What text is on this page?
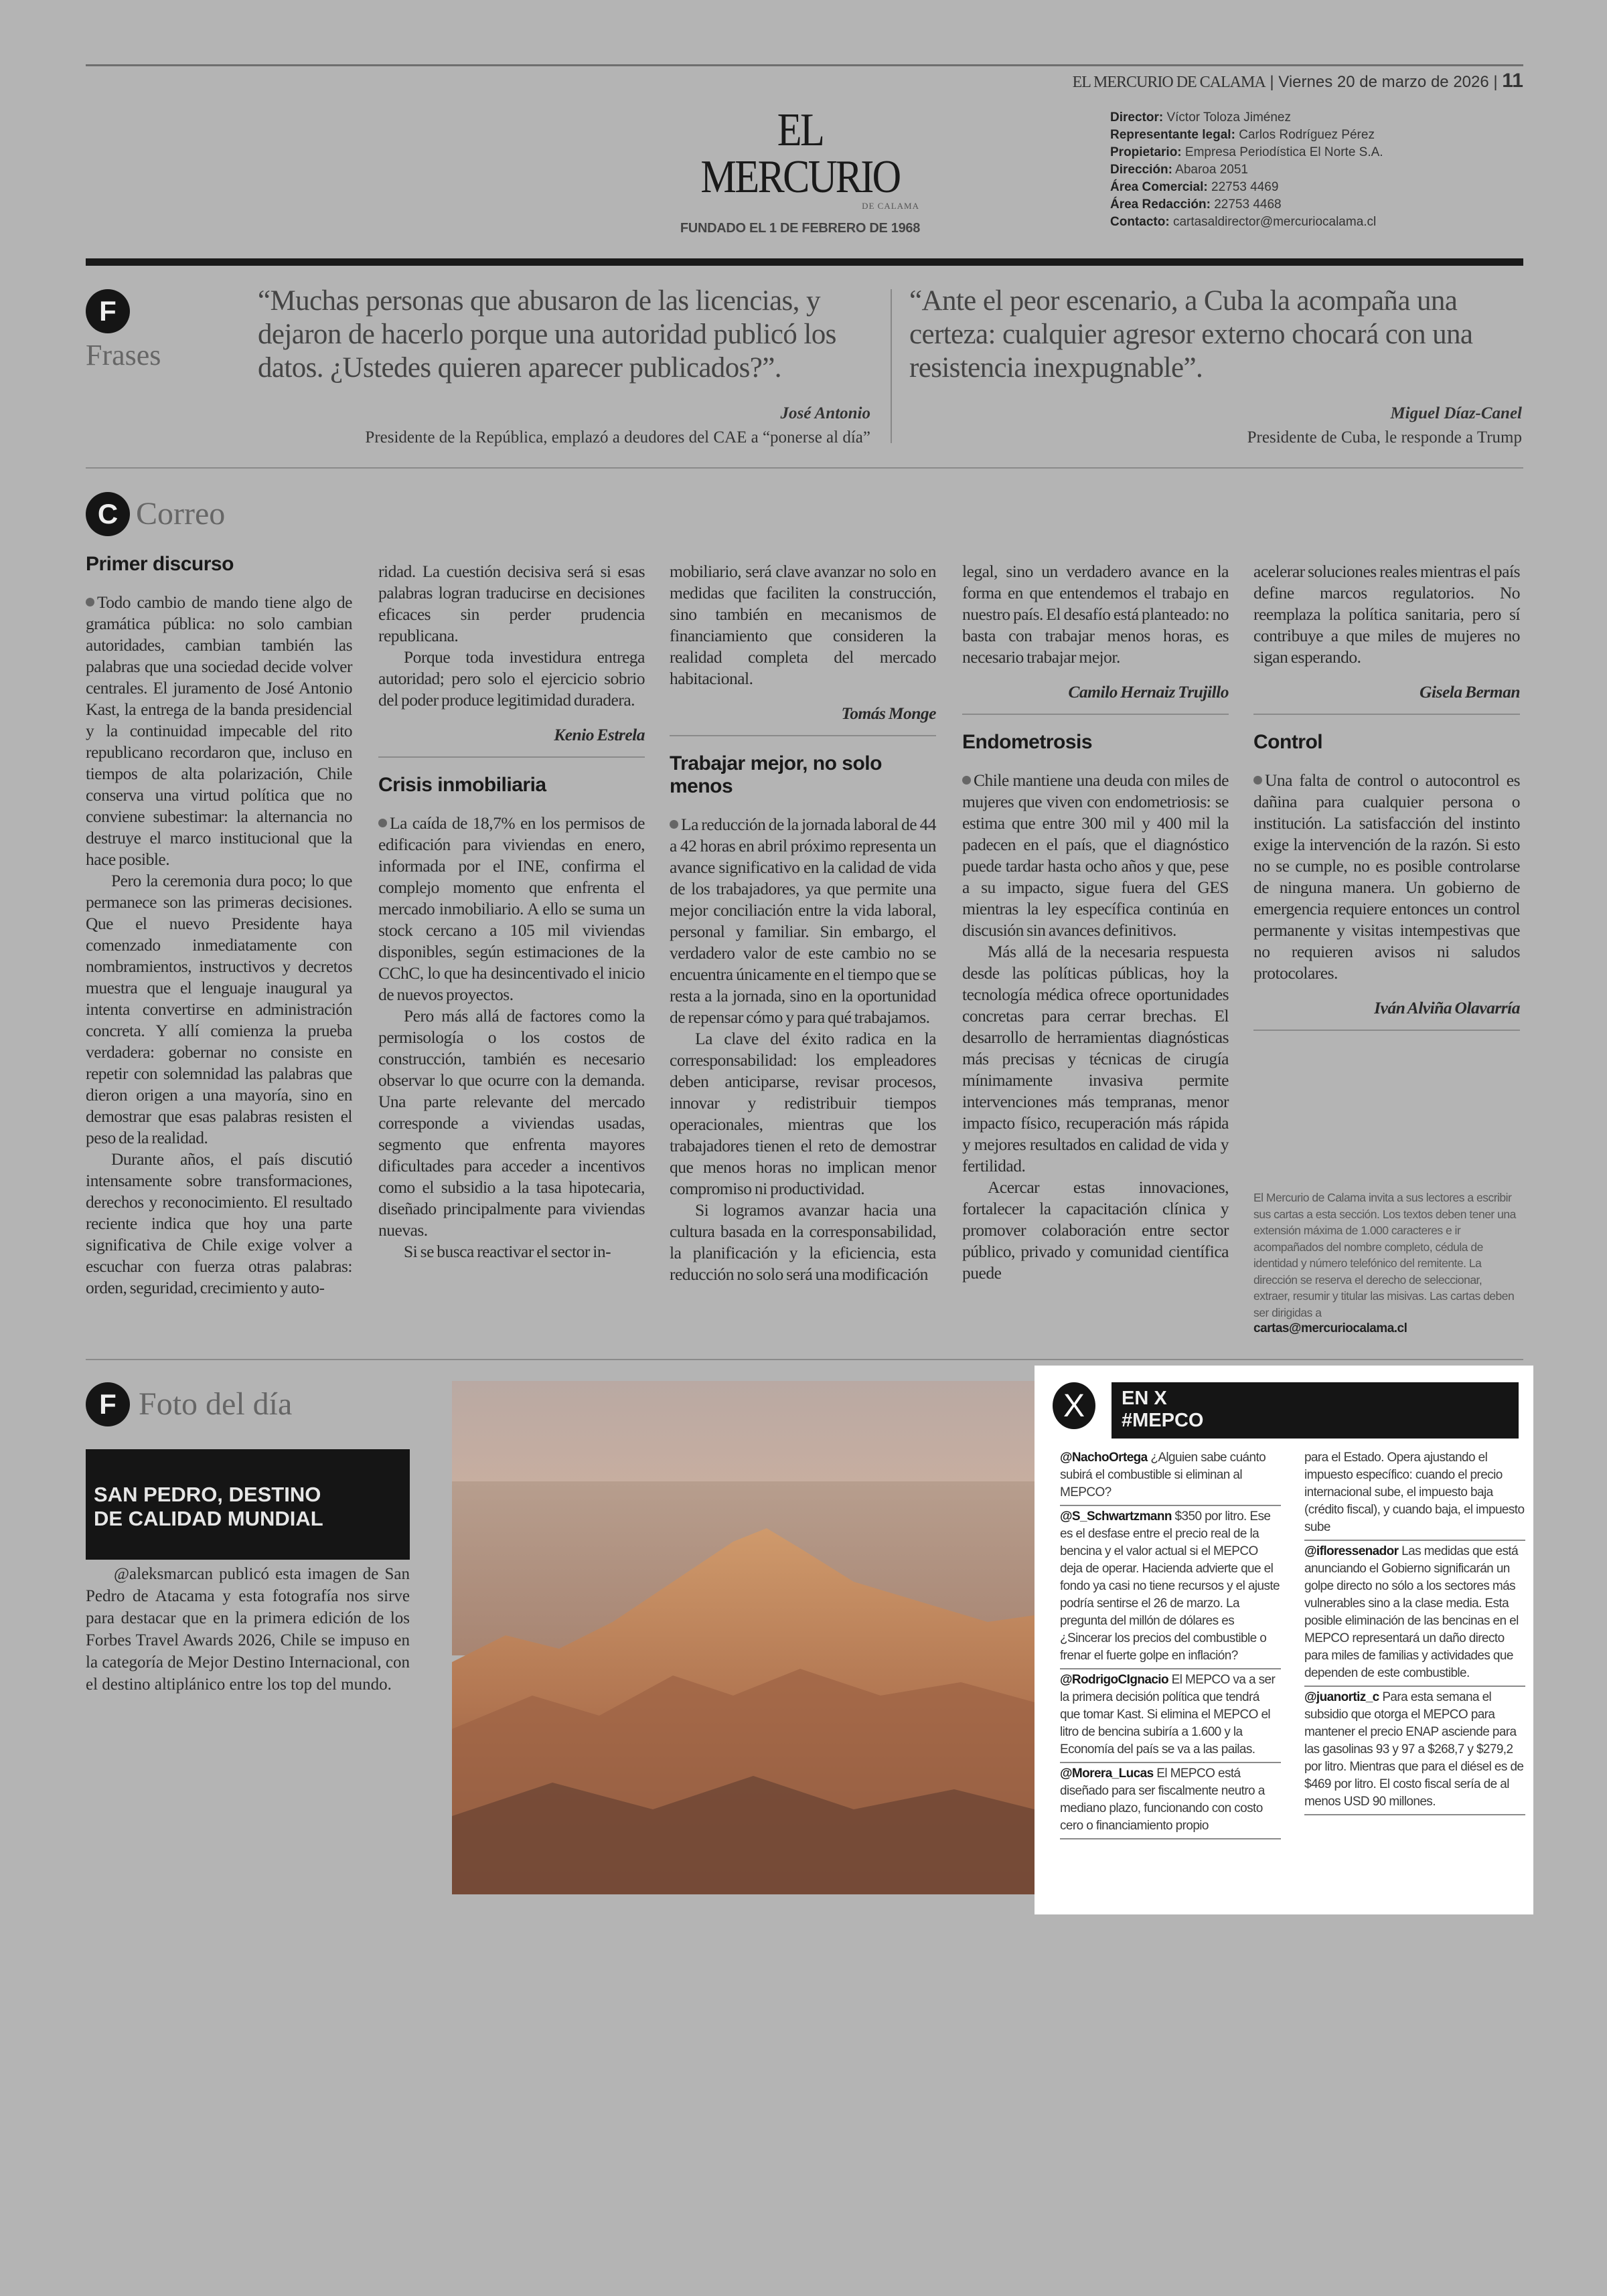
EL MERCURIO DE CALAMA | Viernes 20 de marzo de 2026 | 11
EL MERCURIO
DE CALAMA
FUNDADO EL 1 DE FEBRERO DE 1968
Director: Víctor Toloza Jiménez
Representante legal: Carlos Rodríguez Pérez
Propietario: Empresa Periodística El Norte S.A.
Dirección: Abaroa 2051
Área Comercial: 22753 4469
Área Redacción: 22753 4468
Contacto: cartasaldirector@mercuriocalama.cl
F
Frases
“Muchas personas que abusaron de las licencias, y dejaron de hacerlo porque una autoridad publicó los datos. ¿Ustedes quieren aparecer publicados?”.
José Antonio
Presidente de la República, emplazó a deudores del CAE a “ponerse al día”
“Ante el peor escenario, a Cuba la acompaña una certeza: cualquier agresor externo chocará con una resistencia inexpugnable”.
Miguel Díaz-Canel
Presidente de Cuba, le responde a Trump
C Correo
Primer discurso

Todo cambio de mando tiene algo de gramática pública: no solo cambian autoridades, cambian también las palabras que una sociedad decide volver centrales. El juramento de José Antonio Kast, la entrega de la banda presidencial y la continuidad impecable del rito republicano recordaron que, incluso en tiempos de alta polarización, Chile conserva una virtud política que no conviene subestimar: la alternancia no destruye el marco institucional que la hace posible.

Pero la ceremonia dura poco; lo que permanece son las primeras decisiones. Que el nuevo Presidente haya comenzado inmediatamente con nombramientos, instructivos y decretos muestra que el lenguaje inaugural ya intenta convertirse en administración concreta. Y allí comienza la prueba verdadera: gobernar no consiste en repetir con solemnidad las palabras que dieron origen a una mayoría, sino en demostrar que esas palabras resisten el peso de la realidad.

Durante años, el país discutió intensamente sobre transformaciones, derechos y reconocimiento. El resultado reciente indica que hoy una parte significativa de Chile exige volver a escuchar con fuerza otras palabras: orden, seguridad, crecimiento y auto-

ridad. La cuestión decisiva será si esas palabras logran traducirse en decisiones eficaces sin perder prudencia republicana.

Porque toda investidura entrega autoridad; pero solo el ejercicio sobrio del poder produce legitimidad duradera.

Kenio Estrela
Crisis inmobiliaria

La caída de 18,7% en los permisos de edificación para viviendas en enero, informada por el INE, confirma el complejo momento que enfrenta el mercado inmobiliario. A ello se suma un stock cercano a 105 mil viviendas disponibles, según estimaciones de la CChC, lo que ha desincentivado el inicio de nuevos proyectos.

Pero más allá de factores como la permisología o los costos de construcción, también es necesario observar lo que ocurre con la demanda. Una parte relevante del mercado corresponde a viviendas usadas, segmento que enfrenta mayores dificultades para acceder a incentivos como el subsidio a la tasa hipotecaria, diseñado principalmente para viviendas nuevas.

Si se busca reactivar el sector in-

mobiliario, será clave avanzar no solo en medidas que faciliten la construcción, sino también en mecanismos de financiamiento que consideren la realidad completa del mercado habitacional.

Tomás Monge
Trabajar mejor, no solo menos

La reducción de la jornada laboral de 44 a 42 horas en abril próximo representa un avance significativo en la calidad de vida de los trabajadores, ya que permite una mejor conciliación entre la vida laboral, personal y familiar. Sin embargo, el verdadero valor de este cambio no se encuentra únicamente en el tiempo que se resta a la jornada, sino en la oportunidad de repensar cómo y para qué trabajamos.

La clave del éxito radica en la corresponsabilidad: los empleadores deben anticiparse, revisar procesos, innovar y redistribuir tiempos operacionales, mientras que los trabajadores tienen el reto de demostrar que menos horas no implican menor compromiso ni productividad.

Si logramos avanzar hacia una cultura basada en la corresponsabilidad, la planificación y la eficiencia, esta reducción no solo será una modificación

legal, sino un verdadero avance en la forma en que entendemos el trabajo en nuestro país. El desafío está planteado: no basta con trabajar menos horas, es necesario trabajar mejor.

Camilo Hernaiz Trujillo
Endometrosis

Chile mantiene una deuda con miles de mujeres que viven con endometriosis: se estima que entre 300 mil y 400 mil la padecen en el país, que el diagnóstico puede tardar hasta ocho años y que, pese a su impacto, sigue fuera del GES mientras la ley específica continúa en discusión sin avances definitivos.

Más allá de la necesaria respuesta desde las políticas públicas, hoy la tecnología médica ofrece oportunidades concretas para cerrar brechas. El desarrollo de herramientas diagnósticas más precisas y técnicas de cirugía mínimamente invasiva permite intervenciones más tempranas, menor impacto físico, recuperación más rápida y mejores resultados en calidad de vida y fertilidad.

Acercar estas innovaciones, fortalecer la capacitación clínica y promover colaboración entre sector público, privado y comunidad científica puede

acelerar soluciones reales mientras el país define marcos regulatorios. No reemplaza la política sanitaria, pero sí contribuye a que miles de mujeres no sigan esperando.

Gisela Berman
Control

Una falta de control o autocontrol es dañina para cualquier persona o institución. La satisfacción del instinto exige la intervención de la razón. Si esto no se cumple, no es posible controlarse de ninguna manera. Un gobierno de emergencia requiere entonces un control permanente y visitas intempestivas que no requieren avisos ni saludos protocolares.

Iván Alviña Olavarría
El Mercurio de Calama invita a sus lectores a escribir sus cartas a esta sección. Los textos deben tener una extensión máxima de 1.000 caracteres e ir acompañados del nombre completo, cédula de identidad y número telefónico del remitente. La dirección se reserva el derecho de seleccionar, extraer, resumir y titular las misivas. Las cartas deben ser dirigidas a
cartas@mercuriocalama.cl
F Foto del día
SAN PEDRO, DESTINO
DE CALIDAD MUNDIAL
@aleksmarcan publicó esta imagen de San Pedro de Atacama y esta fotografía nos sirve para destacar que en la primera edición de los Forbes Travel Awards 2026, Chile se impuso en la categoría de Mejor Destino Internacional, con el destino altiplánico entre los top del mundo.
X	EN X
#MEPCO
@NachoOrtega ¿Alguien sabe cuánto subirá el combustible si eliminan al MEPCO?
@S_Schwartzmann $350 por litro. Ese es el desfase entre el precio real de la bencina y el valor actual si el MEPCO deja de operar. Hacienda advierte que el fondo ya casi no tiene recursos y el ajuste podría sentirse el 26 de marzo. La pregunta del millón de dólares es ¿Sincerar los precios del combustible o frenar el fuerte golpe en inflación?
@RodrigoCIgnacio El MEPCO va a ser la primera decisión política que tendrá que tomar Kast. Si elimina el MEPCO el litro de bencina subiría a 1.600 y la Economía del país se va a las pailas.
@Morera_Lucas El MEPCO está diseñado para ser fiscalmente neutro a mediano plazo, funcionando con costo cero o financiamiento propio
para el Estado. Opera ajustando el impuesto específico: cuando el precio internacional sube, el impuesto baja (crédito fiscal), y cuando baja, el impuesto sube
@ifloressenador Las medidas que está anunciando el Gobierno significarán un golpe directo no sólo a los sectores más vulnerables sino a la clase media. Esta posible eliminación de las bencinas en el MEPCO representará un daño directo para miles de familias y actividades que dependen de este combustible.
@juanortiz_c Para esta semana el subsidio que otorga el MEPCO para mantener el precio ENAP asciende para las gasolinas 93 y 97 a $268,7 y $279,2 por litro. Mientras que para el diésel es de $469 por litro. El costo fiscal sería de al menos USD 90 millones.
